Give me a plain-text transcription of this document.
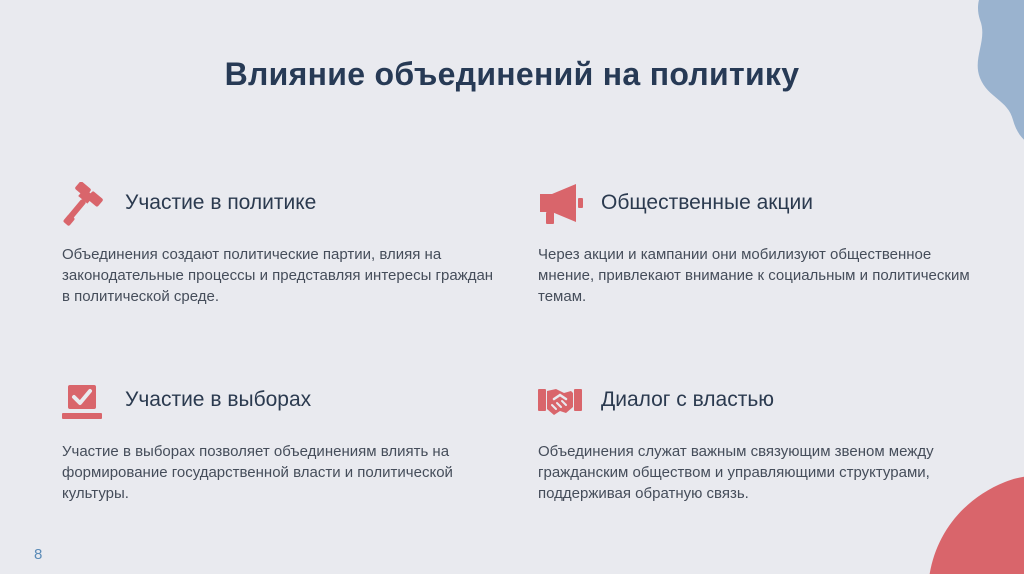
Влияние объединений на политику
Участие в политике
Объединения создают политические партии, влияя на законодательные процессы и представляя интересы граждан в политической среде.
Общественные акции
Через акции и кампании они мобилизуют общественное мнение, привлекают внимание к социальным и политическим темам.
Участие в выборах
Участие в выборах позволяет объединениям влиять на формирование государственной власти и политической культуры.
Диалог с властью
Объединения служат важным связующим звеном между гражданским обществом и управляющими структурами, поддерживая обратную связь.
8
